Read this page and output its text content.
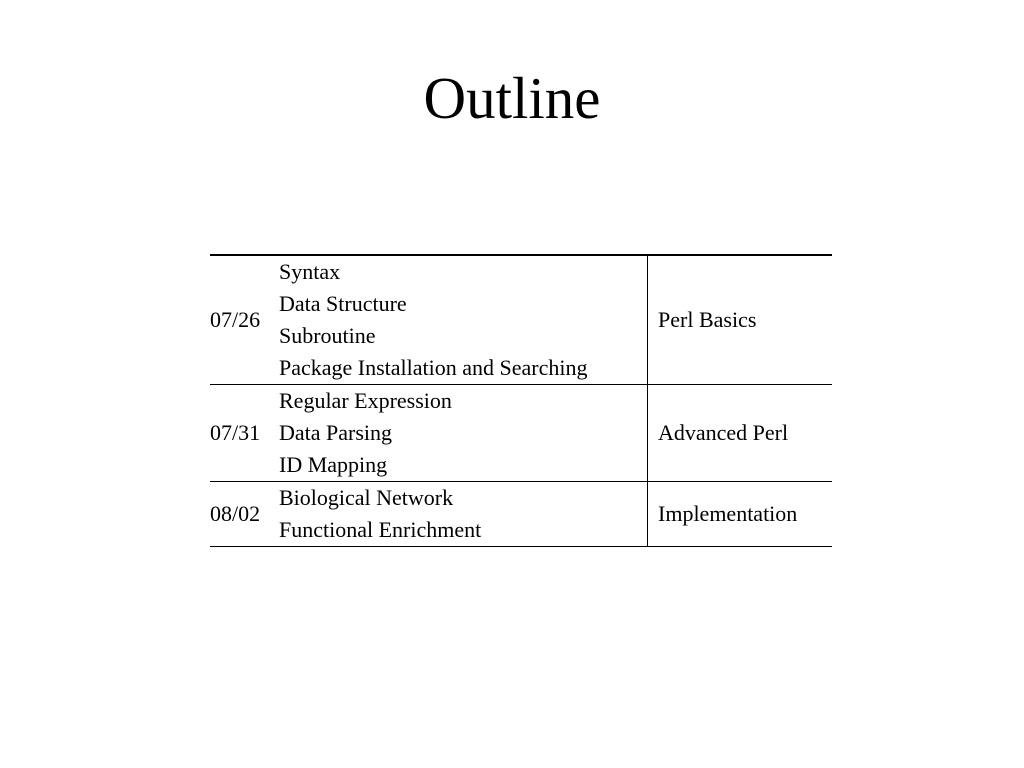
Outline
07/26	Syntax
Data Structure
Subroutine
Package Installation and Searching	Perl Basics
07/31	Regular Expression
Data Parsing
ID Mapping	Advanced Perl
08/02	Biological Network
Functional Enrichment	Implementation
